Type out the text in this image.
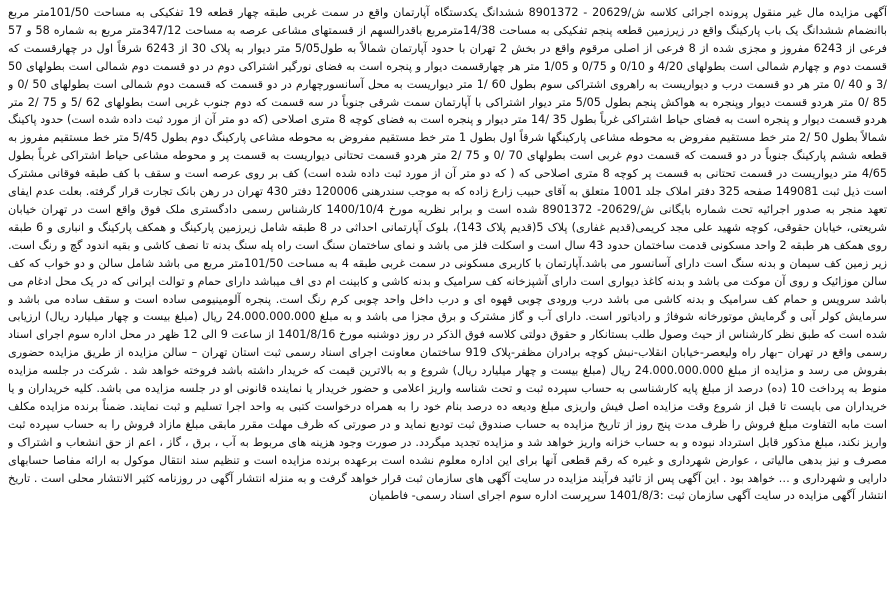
آگهی مزایده مال غیر منقول پرونده اجرائی کلاسه ش/20629 - 8901372 ششدانگ یکدستگاه آپارتمان واقع در سمت غربی طبقه چهار قطعه 19 تفکیکی به مساحت 101/50متر مربع باانضمام ششدانگ یک باب پارکینگ واقع در زیرزمین قطعه پنجم تفکیکی به مساحت 14/38مترمربع باقدرالسهم از قسمتهای مشاعی عرصه به مساحت 347/12متر مربع به شماره 58 و 57 فرعی از 6243 مفروز و مجزی شده از 8 فرعی از اصلی مرقوم واقع در بخش 2 تهران با حدود آپارتمان شمالاً به طول5/05 متر دیوار به پلاک 30 از 6243 شرقاً اول در چهارقسمت که قسمت دوم و چهارم شمالی است بطولهای 4/20 و 0/10 و 0/75 و 1/05 متر هر چهارقسمت دیوار و پنجره است به فضای نورگیر اشتراکی دوم در دو قسمت دوم شمالی است بطولهای 50 /3 و 40 /0 متر هر دو قسمت درب و دیواریست به راهروی اشتراکی سوم بطول 60 /1 متر دیواریست به محل آسانسورچهارم در دو قسمت که قسمت دوم شمالی است بطولهای 50 /0 و 85 /0 متر هردو قسمت دیوار وپنجره به هواکش پنجم بطول 5/05 متر دیوار اشتراکی با آپارتمان سمت شرقی جنوباً در سه قسمت که دوم جنوب غربی است بطولهای 62 /5 و 75 /2 متر هردو قسمت دیوار و پنجره است به فضای حیاط اشتراکی غرباً بطول 35 /14 متر دیوار و پنجره است به فضای کوچه 8 متری اصلاحی (که دو متر آن از مورد ثبت داده شده است) حدود پاکینگ شمالاً بطول 50 /2 متر خط مستقیم مفروض به محوطه مشاعی پارکینگها شرقاً اول بطول 1 متر خط مستقیم مفروض به محوطه مشاعی پارکینگ دوم بطول 5/45 متر خط مستقیم مفروز به قطعه ششم پارکینگ جنوباً در دو قسمت که قسمت دوم غربی است بطولهای 70 /0 و 75 /2 متر هردو قسمت تحتانی دیواریست به قسمت پر و محوطه مشاعی حیاط اشتراکی غرباً بطول 4/65 متر دیواریست در قسمت تحتانی به قسمت پر کوچه 8 متری اصلاحی که ( که دو متر آن از مورد ثبت داده شده است) کف بر روی عرصه است و سقف با کف طبقه فوقانی مشترک است ذیل ثبت 149081 صفحه 325 دفتر املاک جلد 1001 متعلق به آقای حبیب زارع زاده که به موجب سندرهنی 120006 دفتر 430 تهران در رهن بانک تجارت قرار گرفته. بعلت عدم ایفای تعهد منجر به صدور اجرائیه تحت شماره بایگانی ش/20629- 8901372 شده است و برابر نظریه مورخ 1400/10/4 کارشناس رسمی دادگستری ملک فوق واقع است در تهران خیابان شریعتی، خیابان حقوقی، کوچه شهید علی مجد کریمی(قدیم غفاری) پلاک 5(قدیم پلاک 143)، بلوک آپارتمانی احداثی در 8 طبقه شامل زیرزمین پارکینگ و همکف پارکینگ و انباری و 6 طبقه روی همکف هر طبقه 2 واحد مسکونی قدمت ساختمان حدود 43 سال است و اسکلت فلز می باشد و نمای ساختمان سنگ است راه پله سنگ بدنه تا نصف کاشی و بقیه اندود گچ و رنگ است. زیر زمین کف سیمان و بدنه سنگ است دارای آسانسور می باشد.آپارتمان با کاربری مسکونی در سمت غربی طبقه 4 به مساحت 101/50متر مربع می باشد شامل سالن و دو خواب که کف سالن موزائیک و روی آن موکت می باشد و بدنه کاغذ دیواری است دارای آشپزخانه کف سرامیک و بدنه کاشی و کابینت ام دی اف میباشد دارای حمام و توالت ایرانی که در یک محل ادغام می باشد سرویس و حمام کف سرامیک و بدنه کاشی می باشد درب ورودی چوبی قهوه ای و درب داخل واحد چوبی کرم رنگ است. پنجره آلومینیومی ساده است و سقف ساده می باشد و سرمایش کولر آبی و گرمایش موتورخانه شوفاژ و رادیاتور است. دارای آب و گاز مشترک و برق مجزا می باشد و به مبلغ 24.000.000.000 ریال (مبلغ بیست و چهار میلیارد ریال) ارزیابی شده است که طبق نظر کارشناس از حیث وصول طلب بستانکار و حقوق دولتی کلاسه فوق الذکر در روز دوشنبه مورخ 1401/8/16 از ساعت 9 الی 12 ظهر در محل اداره سوم اجرای اسناد رسمی واقع در تهران –بهار راه ولیعصر-خیابان انقلاب-نبش کوچه برادران مظفر-پلاک 919 ساختمان معاونت اجرای اسناد رسمی ثبت استان تهران – سالن مزایده از طریق مزایده حضوری بفروش می رسد و مزایده از مبلغ 24.000.000.000 ریال (مبلغ بیست و چهار میلیارد ریال) شروع و به بالاترین قیمت که خریدار داشته باشد فروخته خواهد شد . شرکت در جلسه مزایده منوط به پرداخت 10 (ده) درصد از مبلغ پایه کارشناسی به حساب سپرده ثبت و تحت شناسه واریز اعلامی و حضور خریدار یا نماینده قانونی او در جلسه مزایده می باشد. کلیه خریداران و یا خریداران می بایست تا قبل از شروع وقت مزایده اصل فیش واریزی مبلغ ودیعه ده درصد بنام خود را به همراه درخواست کتبی به واحد اجرا تسلیم و ثبت نمایند. ضمناً برنده مزایده مکلف است مابه التفاوت مبلغ فروش را ظرف مدت پنج روز از تاریخ مزایده به حساب صندوق ثبت تودیع نماید و در صورتی که ظرف مهلت مقرر مابقی مبلغ مازاد فروش را به حساب سپرده ثبت واریز نکند، مبلغ مذکور قابل استرداد نبوده و به حساب خزانه واریز خواهد شد و مزایده تجدید میگردد. در صورت وجود هزینه های مربوط به آب ، برق ، گاز ، اعم از حق انشعاب و اشتراک و مصرف و نیز بدهی مالیاتی ، عوارض شهرداری و غیره که رقم قطعی آنها برای این اداره معلوم نشده است برعهده برنده مزایده است و تنظیم سند انتقال موکول به ارائه مفاصا حسابهای دارایی و شهرداری و … خواهد بود . این آگهی پس از تائید فرآیند مزایده در سایت آگهی های سازمان ثبت قرار خواهد گرفت و به منزله انتشار آگهی در روزنامه کثیر الانتشار محلی است . تاریخ انتشار آگهی مزایده در سایت آگهی سازمان ثبت :1401/8/3 سرپرست اداره سوم اجرای اسناد رسمی- فاطمیان
